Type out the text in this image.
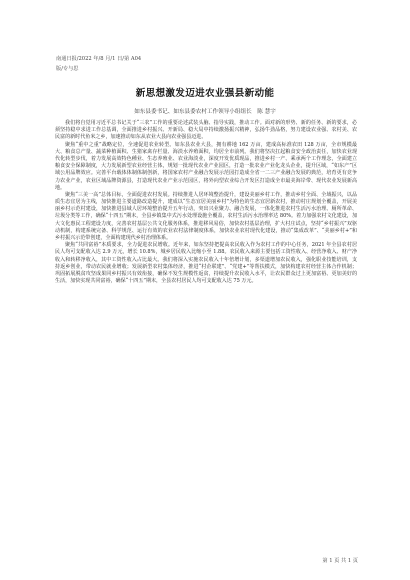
南通日报/2022 年/8 月/1 日/第 A04
版/专与思
新思想激发迈进农业强县新动能
如东县委书记、如东县委农村工作领导小组组长　陈 慧宇

我们将自觉用习近平总书记关于“三农”工作的重要论述武装头脑、指导实践，推动工作。面对新的形势、新的任务、新的要求，必须坚持稳中求进工作总基调，全面推进乡村振兴、开新局、稳大局中持续激扬振兴精神，弘扬牛劲品格，努力建设农业强、农村美、农民富的新时代鱼米之乡，加速推动如东从农业大县向农业强县迈进。

聚焦“重中之重”战略定位，全速促进农业转型。如东县农业大县，拥有耕地 162 万亩，建成高标准农田 128 万亩，全市规模最大、粮食总产量、蔬菜种植面积、生猪家禽存栏量、海淡水养殖面积，均居全市前列。我们将坚决扛起粮食安全政治责任，加快农业现代化转型步伐，着力发展高效特色種业、生态养殖业、农业海淡业，深度开发优质现品，推进乡村一产、乘承两个工作理念，全面建立粮食安全保障制度，大力发展新型农业经营主体，规划一批现代农业产业园区，打造一批农业产业化龙头企业，提升区域，“如东产”区域公用品牌效应。完善平台载体体制体制创新，将国家农村产业融合发展示范园打造成全省一二三产业融合发展的典范，培育更有竞争力农业产业，农业区域品牌资源县，打造现代农业产业示范园区，将外向型农业综合开发区打造成全市最美海岸带、现代农业发展新高地。

聚焦“三美一高”总体目标，全面促进农村发展。持续推进人居环境整治提升，建设美丽乡村工作，推动乡村全面、全域振兴，以品质生态宜居为主线，加快推进主要道路改造提升，建成以“生态宜居美丽乡村”为特色的生态宜居新农村，推动村庄规划全覆盖，开展美丽乡村示范村建设，加快推进县域人居环境整治提升五年行动，突出兴业聚力、融合发展，一体化推进农村生活污水治理、厕所革命、垃圾分类等工作，确保“十四五”期末，全县乡镇集中式污水处理设施全覆盖，农村生活污水治理率达 80%。着力加强农村文化建设，加大文化惠民工程建设力度，完善农村基层公共文化服务体系，推进移风易俗，加快农村基层治理，扩大村庄试点，坚持“乡村振兴”双驱动机制，构建系统完备、科学规范、运行有效的农业农村法律制度体系，加快农业农村现代化建设，推动“集成改革”、“美丽乡村+”和乡村振兴示范带创建，全面构建现代乡村治理体系。

聚焦“共同富裕”本质要求，全力促进农民增收。近年来，如东坚持把提高农民收入作为农村工作的中心任务，2021 年全县农村居民人均可支配收入达 2.9 万元，增长 10.8%，城乡居民收入比缩小至 1.88。农民收入来源主要包括工资性收入、经营净收入、财产净收入和转移净收入，其中工资性收入占比最大。我们将深入实施农民收入十年倍增计划，多渠道增加农民收入，强化职业技能培训，支持返乡创业，带动农民就业增收；发展新型农村集体经济，推进“村企联建”、“党建+”等帮扶模式，加快构建农村经营主体合作机制；巩固拓展脱贫攻坚成果同乡村振兴有效衔接，确保不发生规模性返贫，持续提升农民收入水平，让农民群众过上更加富裕、更加美好的生活，加快实现共同富裕，确保“十四五”期末，全县农村居民人均可支配收入达 75 万元。

第 1 页 共 1 页
